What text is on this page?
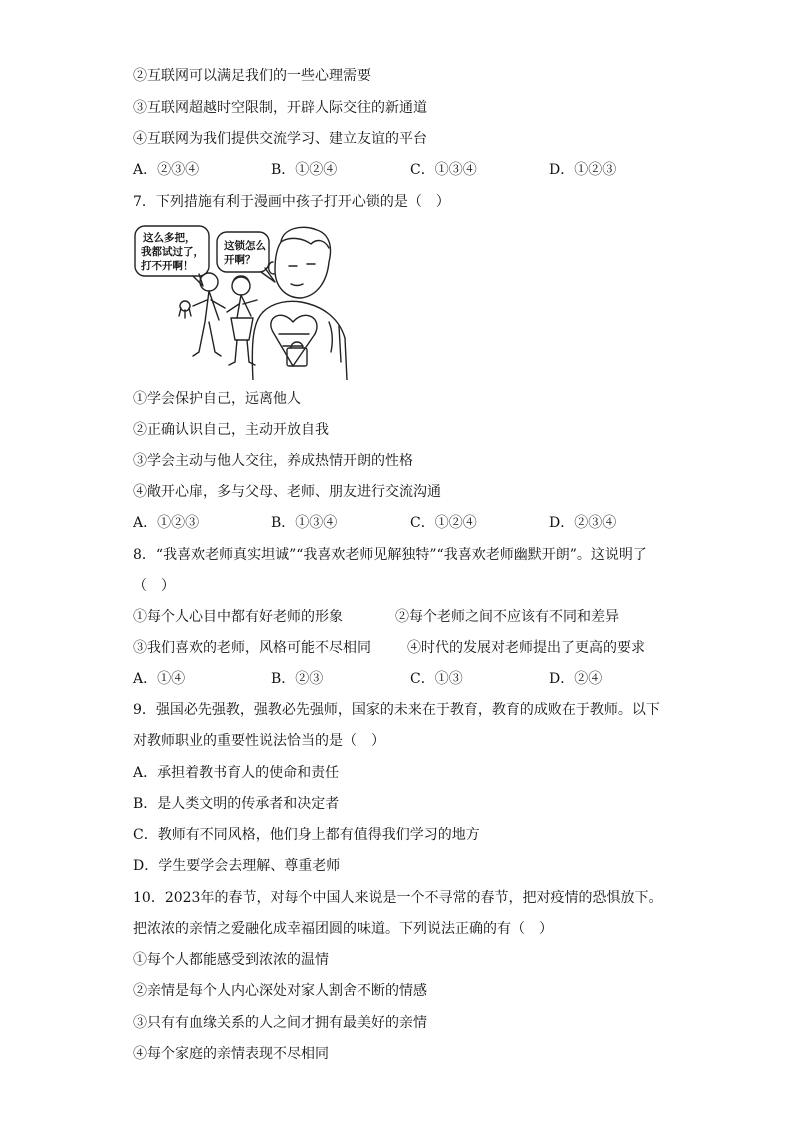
②互联网可以满足我们的一些心理需要
③互联网超越时空限制，开辟人际交往的新通道
④互联网为我们提供交流学习、建立友谊的平台
A．②③④	B．①②④	C．①③④	D．①②③
7．下列措施有利于漫画中孩子打开心锁的是（　）
这么多把，
我都试过了，
打不开啊！
这锁怎么
开啊？
①学会保护自己，远离他人
②正确认识自己，主动开放自我
③学会主动与他人交往，养成热情开朗的性格
④敞开心扉，多与父母、老师、朋友进行交流沟通
A．①②③	B．①③④	C．①②④	D．②③④
8．“我喜欢老师真实坦诚”“我喜欢老师见解独特”“我喜欢老师幽默开朗”。这说明了
（　）
①每个人心目中都有好老师的形象	②每个老师之间不应该有不同和差异
③我们喜欢的老师，风格可能不尽相同	④时代的发展对老师提出了更高的要求
A．①④	B．②③	C．①③	D．②④
9．强国必先强教，强教必先强师，国家的未来在于教育，教育的成败在于教师。以下
对教师职业的重要性说法恰当的是（　）
A．承担着教书育人的使命和责任
B．是人类文明的传承者和决定者
C．教师有不同风格，他们身上都有值得我们学习的地方
D．学生要学会去理解、尊重老师
10．2023年的春节，对每个中国人来说是一个不寻常的春节，把对疫情的恐惧放下。
把浓浓的亲情之爱融化成幸福团圆的味道。下列说法正确的有（　）
①每个人都能感受到浓浓的温情
②亲情是每个人内心深处对家人割舍不断的情感
③只有有血缘关系的人之间才拥有最美好的亲情
④每个家庭的亲情表现不尽相同
